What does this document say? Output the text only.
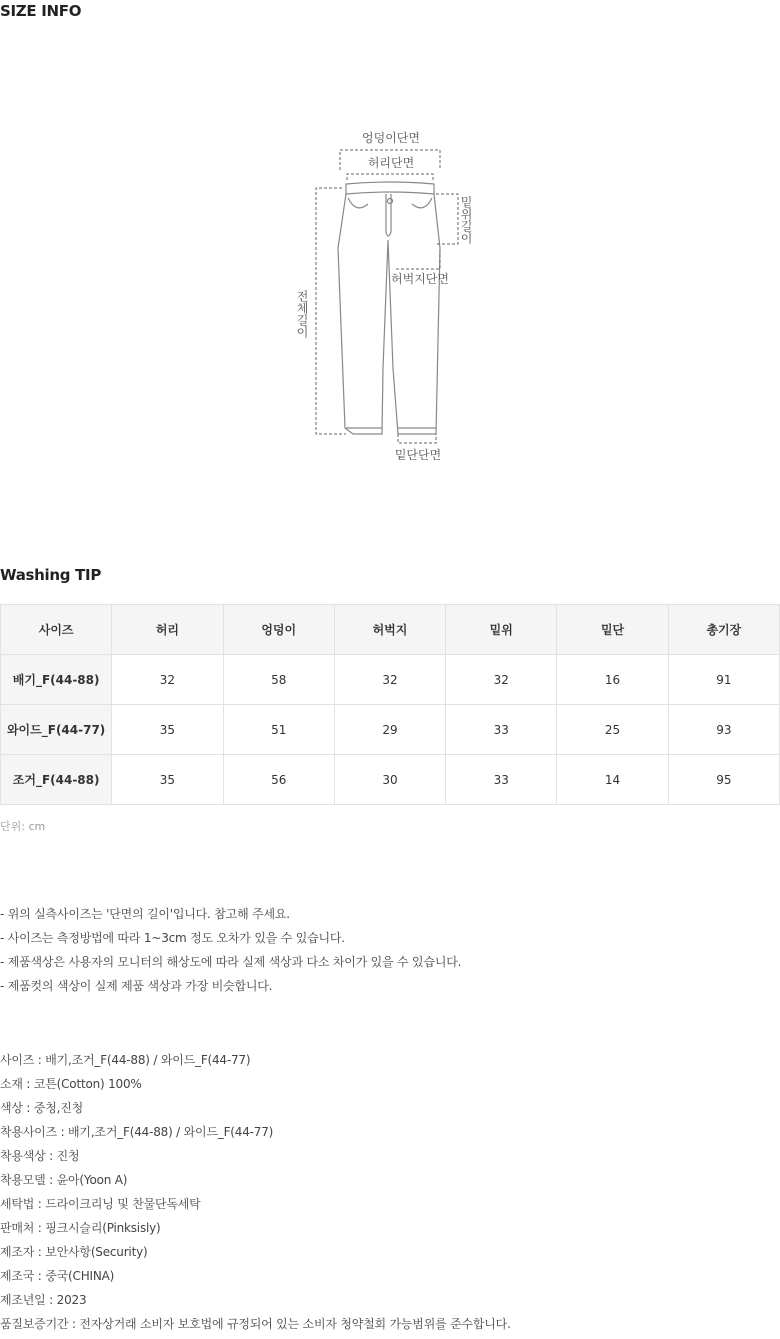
SIZE INFO
엉덩이단면
허리단면
밑위길이
허벅지단면
전체길이
밑단단면
Washing TIP
사이즈	허리	엉덩이	허벅지	밑위	밑단	총기장
배기_F(44-88)	32	58	32	32	16	91
와이드_F(44-77)	35	51	29	33	25	93
조거_F(44-88)	35	56	30	33	14	95
단위: cm
- 위의 실측사이즈는 '단면의 길이'입니다. 참고해 주세요.
- 사이즈는 측정방법에 따라 1~3cm 정도 오차가 있을 수 있습니다.
- 제품색상은 사용자의 모니터의 해상도에 따라 실제 색상과 다소 차이가 있을 수 있습니다.
- 제품컷의 색상이 실제 제품 색상과 가장 비슷합니다.
사이즈 : 배기,조거_F(44-88) / 와이드_F(44-77)
소재 : 코튼(Cotton) 100%
색상 : 중청,진청
착용사이즈 : 배기,조거_F(44-88) / 와이드_F(44-77)
착용색상 : 진청
착용모델 : 윤아(Yoon A)
세탁법 : 드라이크리닝 및 찬물단독세탁
판매처 : 핑크시슬리(Pinksisly)
제조자 : 보안사항(Security)
제조국 : 중국(CHINA)
제조년일 : 2023
품질보증기간 : 전자상거래 소비자 보호법에 규정되어 있는 소비자 청약철회 가능범위를 준수합니다.
